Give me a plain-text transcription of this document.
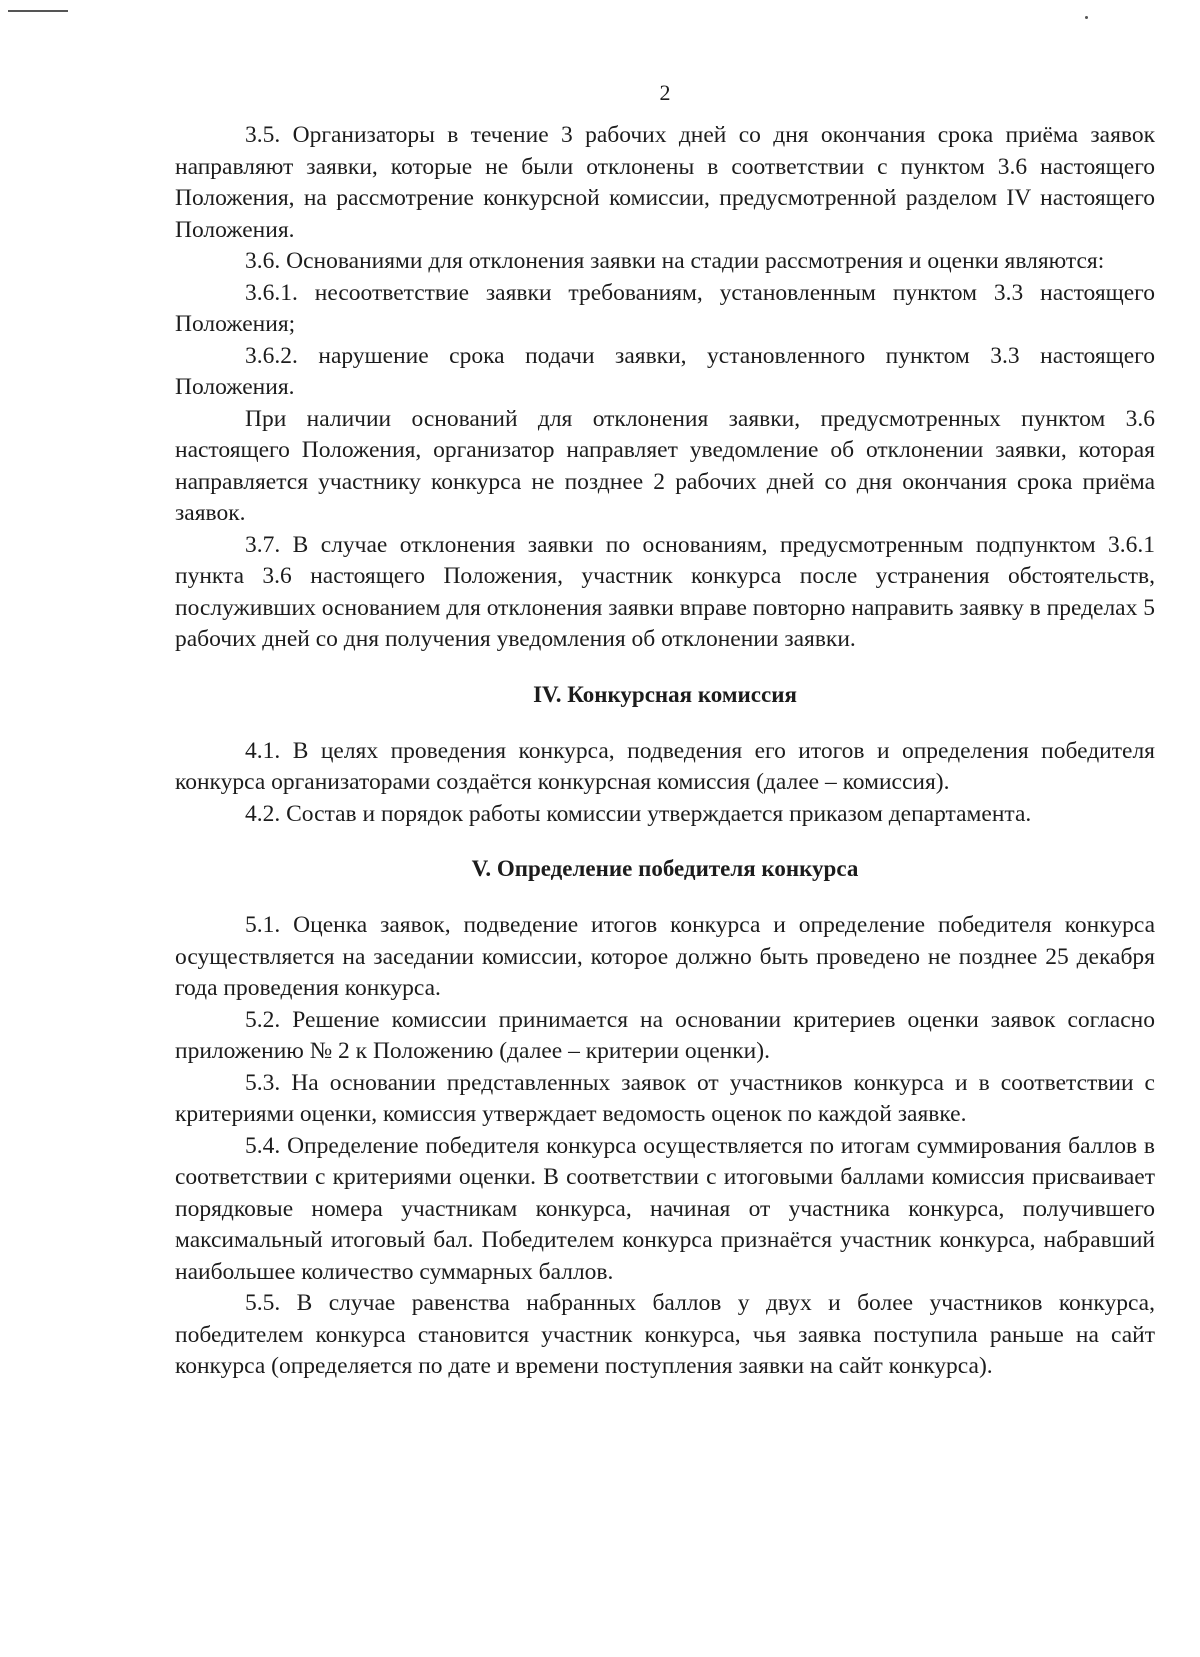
2

3.5. Организаторы в течение 3 рабочих дней со дня окончания срока приёма заявок направляют заявки, которые не были отклонены в соответствии с пунктом 3.6 настоящего Положения, на рассмотрение конкурсной комиссии, предусмотренной разделом IV настоящего Положения.

3.6. Основаниями для отклонения заявки на стадии рассмотрения и оценки являются:

3.6.1. несоответствие заявки требованиям, установленным пунктом 3.3 настоящего Положения;

3.6.2. нарушение срока подачи заявки, установленного пунктом 3.3 настоящего Положения.

При наличии оснований для отклонения заявки, предусмотренных пунктом 3.6 настоящего Положения, организатор направляет уведомление об отклонении заявки, которая направляется участнику конкурса не позднее 2 рабочих дней со дня окончания срока приёма заявок.

3.7. В случае отклонения заявки по основаниям, предусмотренным подпунктом 3.6.1 пункта 3.6 настоящего Положения, участник конкурса после устранения обстоятельств, послуживших основанием для отклонения заявки вправе повторно направить заявку в пределах 5 рабочих дней со дня получения уведомления об отклонении заявки.

IV. Конкурсная комиссия

4.1. В целях проведения конкурса, подведения его итогов и определения победителя конкурса организаторами создаётся конкурсная комиссия (далее – комиссия).

4.2. Состав и порядок работы комиссии утверждается приказом департамента.

V. Определение победителя конкурса

5.1. Оценка заявок, подведение итогов конкурса и определение победителя конкурса осуществляется на заседании комиссии, которое должно быть проведено не позднее 25 декабря года проведения конкурса.

5.2. Решение комиссии принимается на основании критериев оценки заявок согласно приложению № 2 к Положению (далее – критерии оценки).

5.3. На основании представленных заявок от участников конкурса и в соответствии с критериями оценки, комиссия утверждает ведомость оценок по каждой заявке.

5.4. Определение победителя конкурса осуществляется по итогам суммирования баллов в соответствии с критериями оценки. В соответствии с итоговыми баллами комиссия присваивает порядковые номера участникам конкурса, начиная от участника конкурса, получившего максимальный итоговый бал. Победителем конкурса признаётся участник конкурса, набравший наибольшее количество суммарных баллов.

5.5. В случае равенства набранных баллов у двух и более участников конкурса, победителем конкурса становится участник конкурса, чья заявка поступила раньше на сайт конкурса (определяется по дате и времени поступления заявки на сайт конкурса).
